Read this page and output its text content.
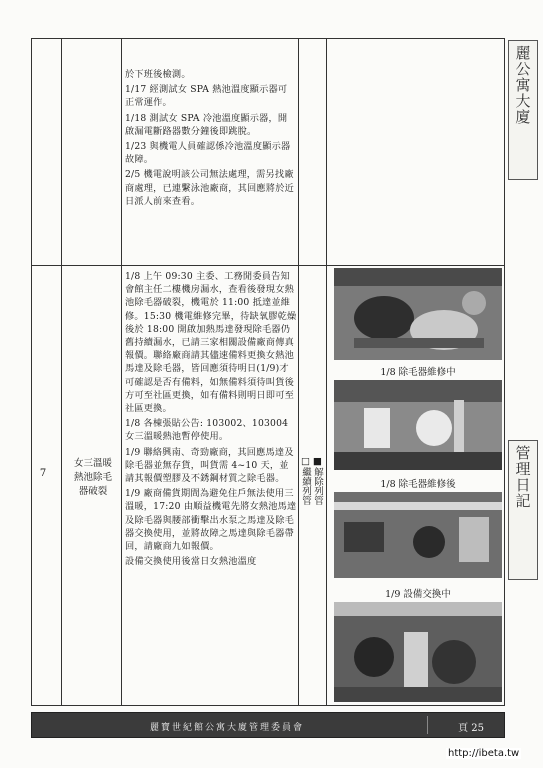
於下班後檢測。

1/17 經測試女 SPA 熱池溫度顯示器可正常運作。

1/18 測試女 SPA 冷池溫度顯示器，開啟漏電斷路器數分鐘後即跳脫。

1/23 與機電人員確認係冷池溫度顯示器故障。

2/5 機電說明該公司無法處理，需另找廠商處理，已連繫泳池廠商，其回應將於近日派人前來查看。

7
女三溫暖熱池除毛器破裂

1/8 上午 09:30 主委、工務閒委員告知會館主任二樓機房漏水，查看後發現女熱池除毛器破裂，機電於 11:00 抵達並維修。15:30 機電維修完畢，待缺氧膠乾燥後於 18:00 開啟加熱馬達發現除毛器仍舊持續漏水，已請三家相關設備廠商傳真報價。聯絡廠商請其儘速備料更換女熱池馬達及除毛器，皆回應須待明日(1/9)才可確認是否有備料，如無備料須待叫貨後方可至社區更換，如有備料則明日即可至社區更換。

1/8 各棟張貼公告: 103002、103004 女三溫暖熱池暫停使用。

1/9 聯絡興南、奇勁廠商，其回應馬達及除毛器並無存貨，叫貨需 4~10 天，並請其報價塑膠及不銹鋼材質之除毛器。

1/9 廠商備貨期間為避免住戶無法使用三溫暖，17:20 由順益機電先將女熱池馬達及除毛器與腰部衝擊出水泵之馬達及除毛器交換使用，並將故障之馬達與除毛器帶回，請廠商九如報價。

設備交換使用後當日女熱池溫度

■解除列管
□繼續列管
1/8 除毛器維修中
1/8 除毛器維修後
1/9 設備交換中
麗寶世紀館公寓大廈管理委員會	頁 25
麗公寓大廈
管理日記
http://ibeta.tw
